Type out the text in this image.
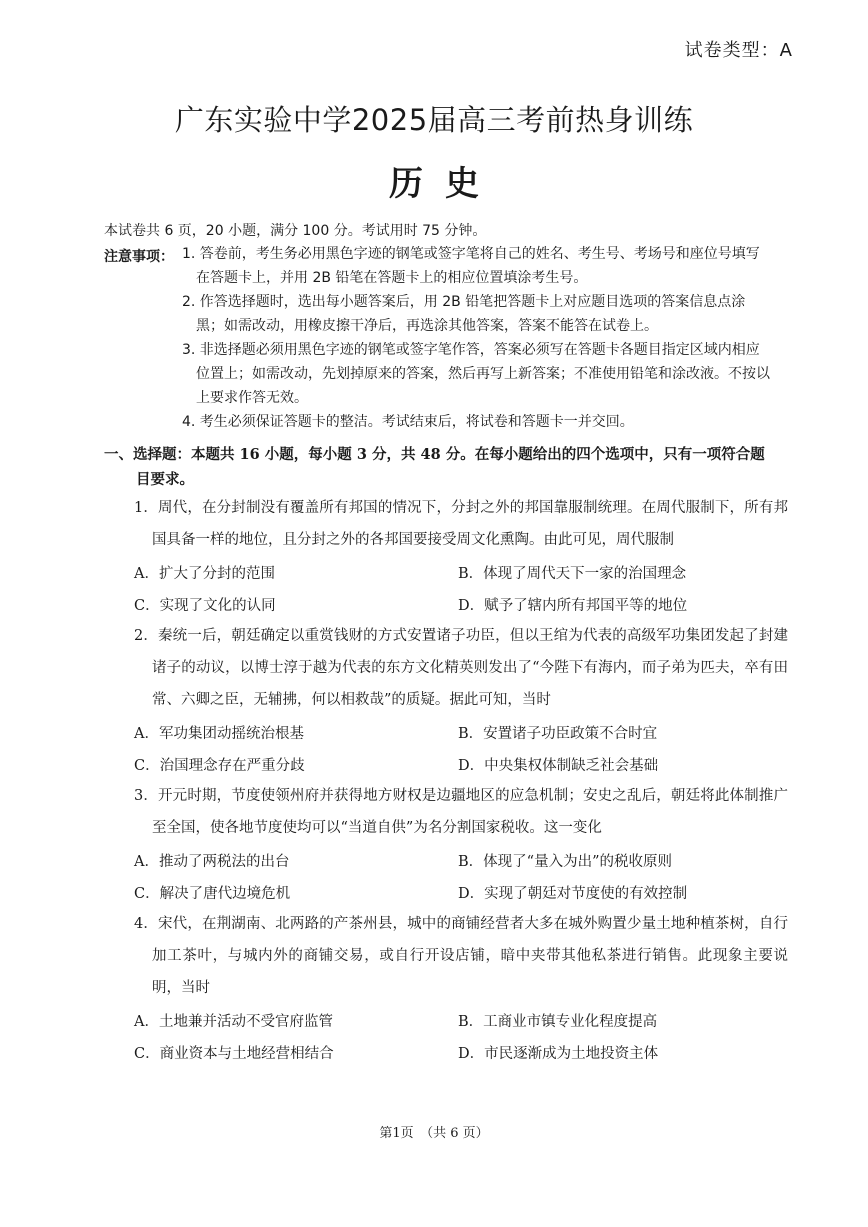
试卷类型：A
广东实验中学2025届高三考前热身训练
历史
本试卷共 6 页，20 小题，满分 100 分。考试用时 75 分钟。
注意事项： 1. 答卷前，考生务必用黑色字迹的钢笔或签字笔将自己的姓名、考生号、考场号和座位号填写在答题卡上，并用 2B 铅笔在答题卡上的相应位置填涂考生号。
2. 作答选择题时，选出每小题答案后，用 2B 铅笔把答题卡上对应题目选项的答案信息点涂黑；如需改动，用橡皮擦干净后，再选涂其他答案，答案不能答在试卷上。
3. 非选择题必须用黑色字迹的钢笔或签字笔作答，答案必须写在答题卡各题目指定区域内相应位置上；如需改动，先划掉原来的答案，然后再写上新答案；不准使用铅笔和涂改液。不按以上要求作答无效。
4. 考生必须保证答题卡的整洁。考试结束后，将试卷和答题卡一并交回。
一、选择题：本题共 16 小题，每小题 3 分，共 48 分。在每小题给出的四个选项中，只有一项符合题目要求。
1．周代，在分封制没有覆盖所有邦国的情况下，分封之外的邦国靠服制统理。在周代服制下，所有邦国具备一样的地位，且分封之外的各邦国要接受周文化熏陶。由此可见，周代服制
A．扩大了分封的范围	B．体现了周代天下一家的治国理念
C．实现了文化的认同	D．赋予了辖内所有邦国平等的地位
2．秦统一后，朝廷确定以重赏钱财的方式安置诸子功臣，但以王绾为代表的高级军功集团发起了封建诸子的动议，以博士淳于越为代表的东方文化精英则发出了“今陛下有海内，而子弟为匹夫，卒有田常、六卿之臣，无辅拂，何以相救哉”的质疑。据此可知，当时
A．军功集团动摇统治根基	B．安置诸子功臣政策不合时宜
C．治国理念存在严重分歧	D．中央集权体制缺乏社会基础
3．开元时期，节度使领州府并获得地方财权是边疆地区的应急机制；安史之乱后，朝廷将此体制推广至全国，使各地节度使均可以“当道自供”为名分割国家税收。这一变化
A．推动了两税法的出台	B．体现了“量入为出”的税收原则
C．解决了唐代边境危机	D．实现了朝廷对节度使的有效控制
4．宋代，在荆湖南、北两路的产茶州县，城中的商铺经营者大多在城外购置少量土地种植茶树，自行加工茶叶，与城内外的商铺交易，或自行开设店铺，暗中夹带其他私茶进行销售。此现象主要说明，当时
A．土地兼并活动不受官府监管	B．工商业市镇专业化程度提高
C．商业资本与土地经营相结合	D．市民逐渐成为土地投资主体
第1页　（共 6 页）
